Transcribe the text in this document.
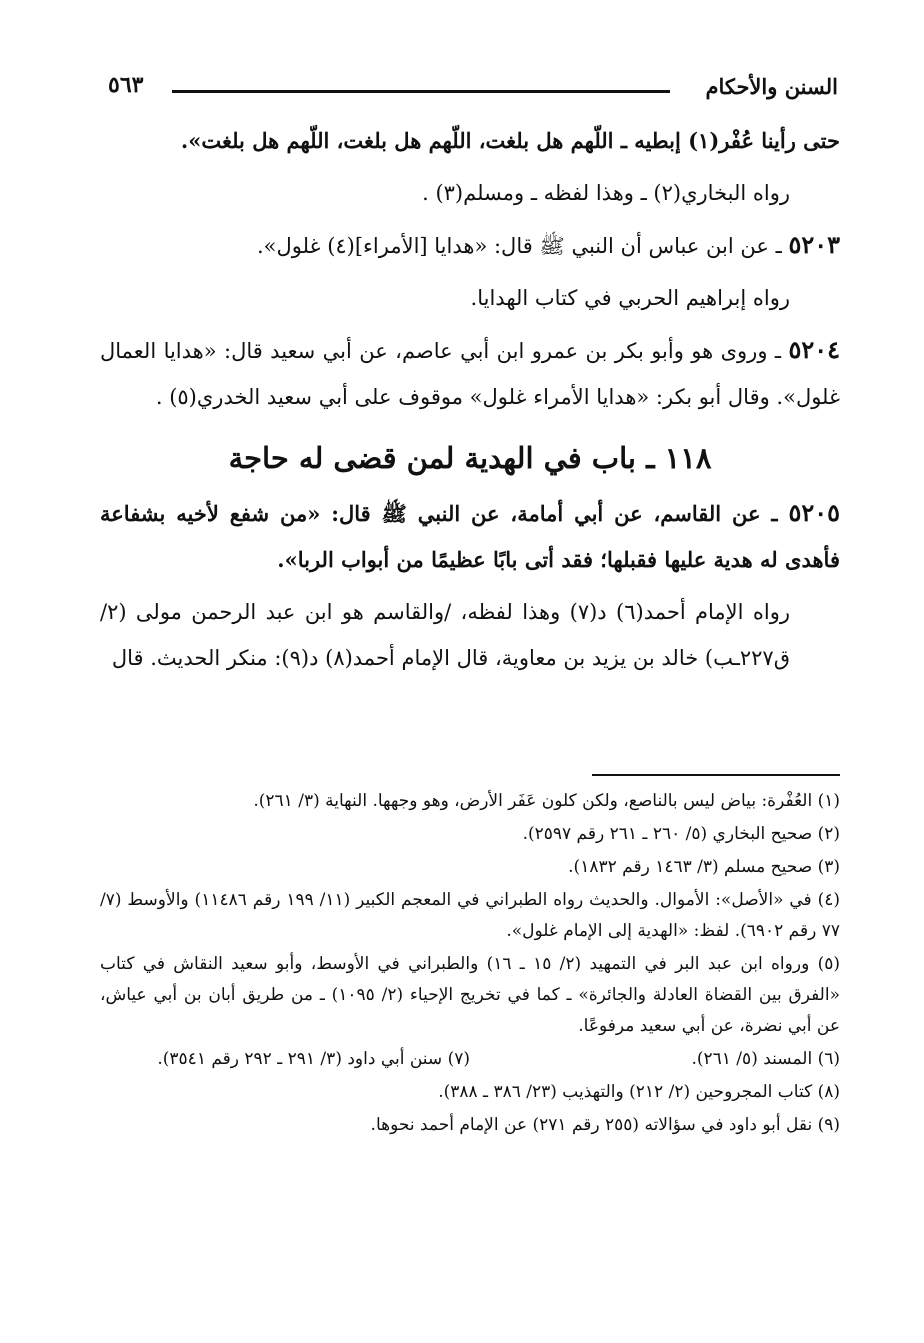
السنن والأحكام
٥٦٣

حتى رأينا عُفْر(١) إبطيه ـ اللّهم هل بلغت، اللّهم هل بلغت، اللّهم هل بلغت».

رواه البخاري(٢) ـ وهذا لفظه ـ ومسلم(٣) .

٥٢٠٣ ـ عن ابن عباس أن النبي ﷺ قال: «هدايا [الأمراء](٤) غلول».

رواه إبراهيم الحربي في كتاب الهدايا.

٥٢٠٤ ـ وروى هو وأبو بكر بن عمرو ابن أبي عاصم، عن أبي سعيد قال: «هدايا العمال غلول». وقال أبو بكر: «هدايا الأمراء غلول» موقوف على أبي سعيد الخدري(٥) .

١١٨ ـ باب في الهدية لمن قضى له حاجة

٥٢٠٥ ـ عن القاسم، عن أبي أمامة، عن النبي ﷺ قال: «من شفع لأخيه بشفاعة فأهدى له هدية عليها فقبلها؛ فقد أتى بابًا عظيمًا من أبواب الربا».

رواه الإمام أحمد(٦) د(٧) وهذا لفظه، /والقاسم هو ابن عبد الرحمن مولى (٢/ق٢٢٧ـب) خالد بن يزيد بن معاوية، قال الإمام أحمد(٨) د(٩): منكر الحديث. قال

(١) العُفْرة: بياض ليس بالناصع، ولكن كلون عَفَر الأرض، وهو وجهها. النهاية (٣/ ٢٦١).

(٢) صحيح البخاري (٥/ ٢٦٠ ـ ٢٦١ رقم ٢٥٩٧).

(٣) صحيح مسلم (٣/ ١٤٦٣ رقم ١٨٣٢).

(٤) في «الأصل»: الأموال. والحديث رواه الطبراني في المعجم الكبير (١١/ ١٩٩ رقم ١١٤٨٦) والأوسط (٧/ ٧٧ رقم ٦٩٠٢). لفظ: «الهدية إلى الإمام غلول».

(٥) ورواه ابن عبد البر في التمهيد (٢/ ١٥ ـ ١٦) والطبراني في الأوسط، وأبو سعيد النقاش في كتاب «الفرق بين القضاة العادلة والجائرة» ـ كما في تخريج الإحياء (٢/ ١٠٩٥) ـ من طريق أبان بن أبي عياش، عن أبي نضرة، عن أبي سعيد مرفوعًا.

(٦) المسند (٥/ ٢٦١).

(٧) سنن أبي داود (٣/ ٢٩١ ـ ٢٩٢ رقم ٣٥٤١).

(٨) كتاب المجروحين (٢/ ٢١٢) والتهذيب (٢٣/ ٣٨٦ ـ ٣٨٨).

(٩) نقل أبو داود في سؤالاته (٢٥٥ رقم ٢٧١) عن الإمام أحمد نحوها.
